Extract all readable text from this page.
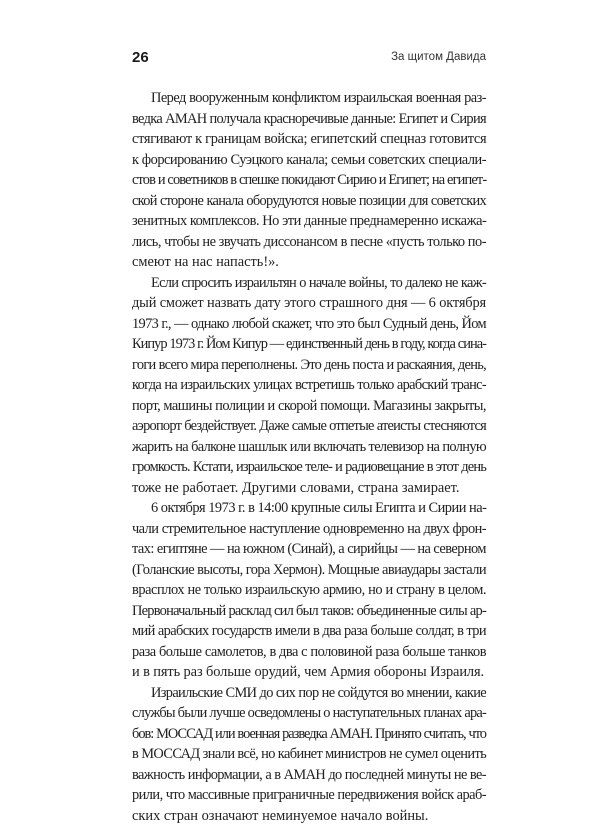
26	За щитом Давида
Перед вооруженным конфликтом израильская военная раз-
ведка АМАН получала красноречивые данные: Египет и Сирия
стягивают к границам войска; египетский спецназ готовится
к форсированию Суэцкого канала; семьи советских специали-
стов и советников в спешке покидают Сирию и Египет; на египет-
ской стороне канала оборудуются новые позиции для советских
зенитных комплексов. Но эти данные преднамеренно искажа-
лись, чтобы не звучать диссонансом в песне «пусть только по-
смеют на нас напасть!».
Если спросить израильтян о начале войны, то далеко не каж-
дый сможет назвать дату этого страшного дня — 6 октября
1973 г., — однако любой скажет, что это был Судный день, Йом
Кипур 1973 г. Йом Кипур — единственный день в году, когда сина-
гоги всего мира переполнены. Это день поста и раскаяния, день,
когда на израильских улицах встретишь только арабский транс-
порт, машины полиции и скорой помощи. Магазины закрыты,
аэропорт бездействует. Даже самые отпетые атеисты стесняются
жарить на балконе шашлык или включать телевизор на полную
громкость. Кстати, израильское теле- и радиовещание в этот день
тоже не работает. Другими словами, страна замирает.
6 октября 1973 г. в 14:00 крупные силы Египта и Сирии на-
чали стремительное наступление одновременно на двух фрон-
тах: египтяне — на южном (Синай), а сирийцы — на северном
(Голанские высоты, гора Хермон). Мощные авиаудары застали
врасплох не только израильскую армию, но и страну в целом.
Первоначальный расклад сил был таков: объединенные силы ар-
мий арабских государств имели в два раза больше солдат, в три
раза больше самолетов, в два с половиной раза больше танков
и в пять раз больше орудий, чем Армия обороны Израиля.
Израильские СМИ до сих пор не сойдутся во мнении, какие
службы были лучше осведомлены о наступательных планах ара-
бов: МОССАД или военная разведка АМАН. Принято считать, что
в МОССАД знали всё, но кабинет министров не сумел оценить
важность информации, а в АМАН до последней минуты не ве-
рили, что массивные приграничные передвижения войск араб-
ских стран означают неминуемое начало войны.
